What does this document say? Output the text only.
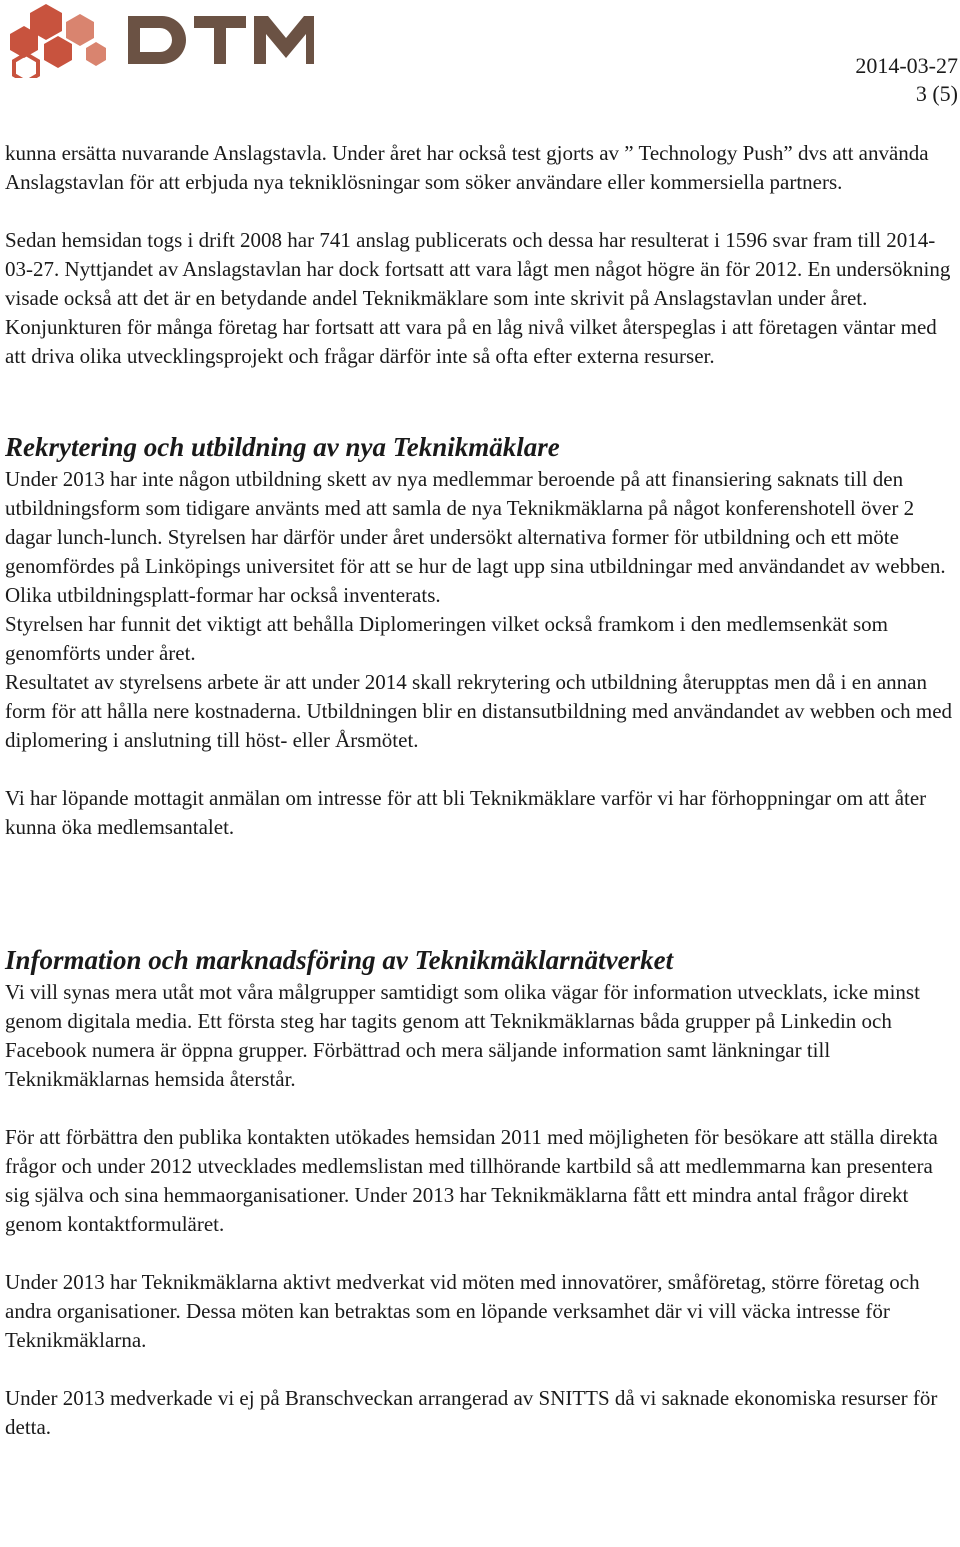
2014-03-27
3 (5)

kunna ersätta nuvarande Anslagstavla. Under året har också test gjorts av ” Technology Push” dvs att använda Anslagstavlan för att erbjuda nya tekniklösningar som söker användare eller kommersiella partners.

Sedan hemsidan togs i drift 2008 har 741 anslag publicerats och dessa har resulterat i 1596 svar fram till 2014-03-27. Nyttjandet av Anslagstavlan har dock fortsatt att vara lågt men något högre än för 2012. En undersökning visade också att det är en betydande andel Teknikmäklare som inte skrivit på Anslagstavlan under året. Konjunkturen för många företag har fortsatt att vara på en låg nivå vilket återspeglas i att företagen väntar med att driva olika utvecklingsprojekt och frågar därför inte så ofta efter externa resurser.

Rekrytering och utbildning av nya Teknikmäklare

Under 2013 har inte någon utbildning skett av nya medlemmar beroende på att finansiering saknats till den utbildningsform som tidigare använts med att samla de nya Teknikmäklarna på något konferenshotell över 2 dagar lunch-lunch. Styrelsen har därför under året undersökt alternativa former för utbildning och ett möte genomfördes på Linköpings universitet för att se hur de lagt upp sina utbildningar med användandet av webben. Olika utbildningsplatt-formar har också inventerats.

Styrelsen har funnit det viktigt att behålla Diplomeringen vilket också framkom i den medlemsenkät som genomförts under året.

Resultatet av styrelsens arbete är att under 2014 skall rekrytering och utbildning återupptas men då i en annan form för att hålla nere kostnaderna. Utbildningen blir en distansutbildning med användandet av webben och med diplomering i anslutning till höst- eller Årsmötet.

Vi har löpande mottagit anmälan om intresse för att bli Teknikmäklare varför vi har förhoppningar om att åter kunna öka medlemsantalet.

Information och marknadsföring av Teknikmäklarnätverket

Vi vill synas mera utåt mot våra målgrupper samtidigt som olika vägar för information utvecklats, icke minst genom digitala media. Ett första steg har tagits genom att Teknikmäklarnas båda grupper på Linkedin och Facebook numera är öppna grupper. Förbättrad och mera säljande information samt länkningar till Teknikmäklarnas hemsida återstår.

För att förbättra den publika kontakten utökades hemsidan 2011 med möjligheten för besökare att ställa direkta frågor och under 2012 utvecklades medlemslistan med tillhörande kartbild så att medlemmarna kan presentera sig själva och sina hemmaorganisationer. Under 2013 har Teknikmäklarna fått ett mindra antal frågor direkt genom kontaktformuläret.

Under 2013 har Teknikmäklarna aktivt medverkat vid möten med innovatörer, småföretag, större företag och andra organisationer. Dessa möten kan betraktas som en löpande verksamhet där vi vill väcka intresse för Teknikmäklarna.

Under 2013 medverkade vi ej på Branschveckan arrangerad av SNITTS då vi saknade ekonomiska resurser för detta.
